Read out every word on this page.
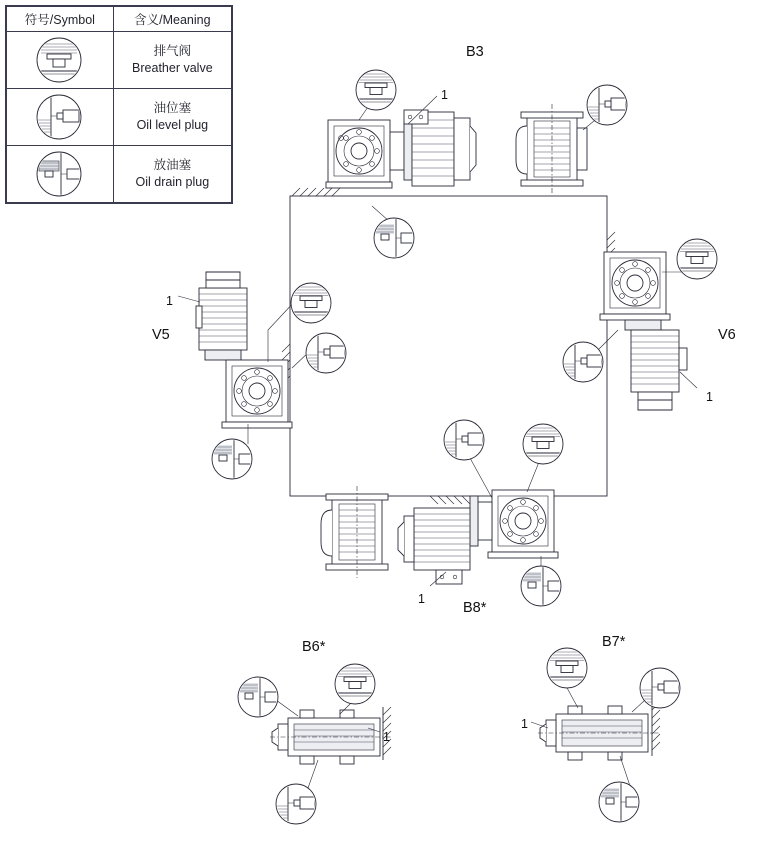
符号/Symbol	含义/Meaning

排气阀
Breather valve

油位塞
Oil level plug

放油塞
Oil drain plug
B3
V5	V6
B8*
B6*	B7*
1
1
1
1
1
1
